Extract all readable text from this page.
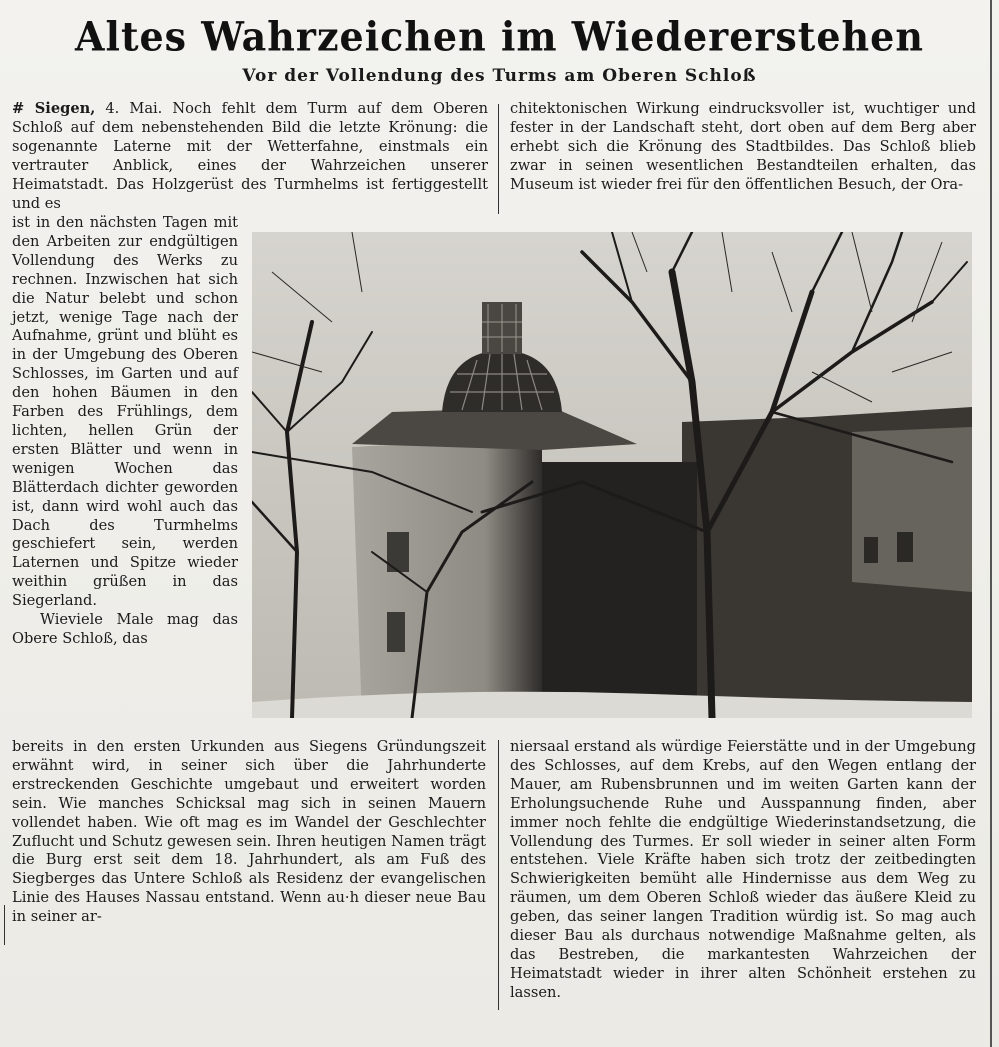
Altes Wahrzeichen im Wiedererstehen
Vor der Vollendung des Turms am Oberen Schloß

# Siegen, 4. Mai. Noch fehlt dem Turm auf dem Oberen Schloß auf dem nebenstehenden Bild die letzte Krönung: die sogenannte Laterne mit der Wetterfahne, einstmals ein vertrauter Anblick, eines der Wahrzeichen unserer Heimatstadt. Das Holzgerüst des Turmhelms ist fertiggestellt und es

ist in den nächsten Tagen mit den Arbeiten zur endgültigen Vollendung des Werks zu rechnen. Inzwischen hat sich die Natur belebt und schon jetzt, wenige Tage nach der Aufnahme, grünt und blüht es in der Umgebung des Oberen Schlosses, im Garten und auf den hohen Bäumen in den Farben des Frühlings, dem lichten, hellen Grün der ersten Blätter und wenn in wenigen Wochen das Blätterdach dichter geworden ist, dann wird wohl auch das Dach des Turmhelms geschiefert sein, werden Laternen und Spitze wieder weithin grüßen in das Siegerland.

Wieviele Male mag das Obere Schloß, das

bereits in den ersten Urkunden aus Siegens Gründungszeit erwähnt wird, in seiner sich über die Jahrhunderte erstreckenden Geschichte umgebaut und erweitert worden sein. Wie manches Schicksal mag sich in seinen Mauern vollendet haben. Wie oft mag es im Wandel der Geschlechter Zuflucht und Schutz gewesen sein. Ihren heutigen Namen trägt die Burg erst seit dem 18. Jahrhundert, als am Fuß des Siegberges das Untere Schloß als Residenz der evangelischen Linie des Hauses Nassau entstand. Wenn au·h dieser neue Bau in seiner ar-

chitektonischen Wirkung eindrucksvoller ist, wuchtiger und fester in der Landschaft steht, dort oben auf dem Berg aber erhebt sich die Krönung des Stadtbildes. Das Schloß blieb zwar in seinen wesentlichen Bestandteilen erhalten, das Museum ist wieder frei für den öffentlichen Besuch, der Ora-

niersaal erstand als würdige Feierstätte und in der Umgebung des Schlosses, auf dem Krebs, auf den Wegen entlang der Mauer, am Rubensbrunnen und im weiten Garten kann der Erholungsuchende Ruhe und Ausspannung finden, aber immer noch fehlte die endgültige Wiederinstandsetzung, die Vollendung des Turmes. Er soll wieder in seiner alten Form entstehen. Viele Kräfte haben sich trotz der zeitbedingten Schwierigkeiten bemüht alle Hindernisse aus dem Weg zu räumen, um dem Oberen Schloß wieder das äußere Kleid zu geben, das seiner langen Tradition würdig ist. So mag auch dieser Bau als durchaus notwendige Maßnahme gelten, als das Bestreben, die markantesten Wahrzeichen der Heimatstadt wieder in ihrer alten Schönheit erstehen zu lassen.
